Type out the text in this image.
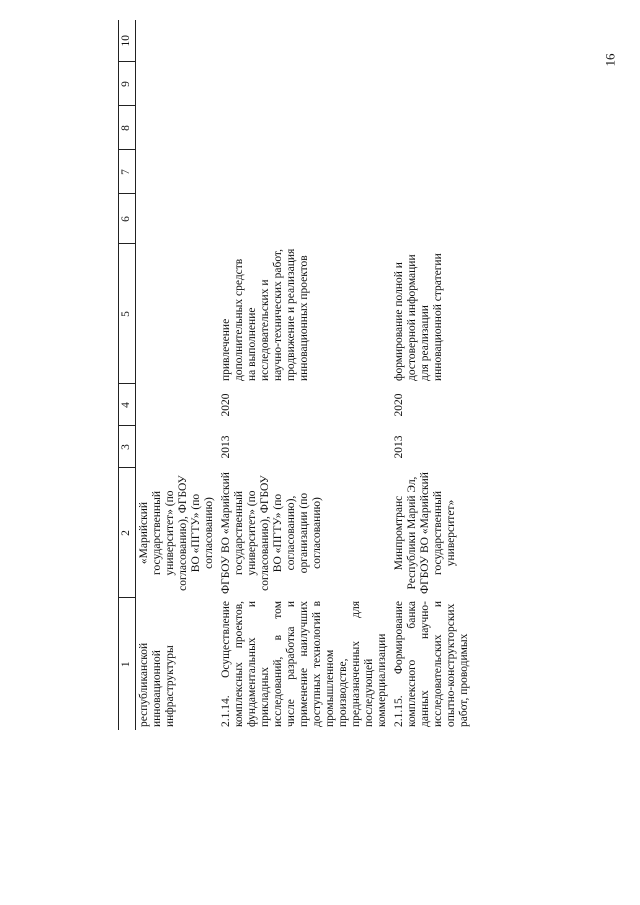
16
1	2	3	4	5	6	7	8	9	10
республиканской инновационной инфраструктуры	«Марийский государственный университет» (по согласованию), ФГБОУ ВО «ПГТУ» (по согласованию)								
2.1.14. Осуществление комплексных проектов, фундаментальных и прикладных исследований, в том числе разработка и применение наилучших доступных технологий в промышленном производстве, предназначенных для последующей коммерциализации	ФГБОУ ВО «Марийский государственный университет» (по согласованию), ФГБОУ ВО «ПГТУ» (по согласованию), организации (по согласованию)	2013	2020	привлечение дополнительных средств на выполнение исследовательских и научно-технических работ, продвижение и реализация инновационных проектов					
2.1.15. Формирование комплексного банка данных научно-исследовательских и опытно-конструкторских работ, проводимых	Минпромтранс Республики Марий Эл, ФГБОУ ВО «Марийский государственный университет»	2013	2020	формирование полной и достоверной информации для реализации инновационной стратегии					
